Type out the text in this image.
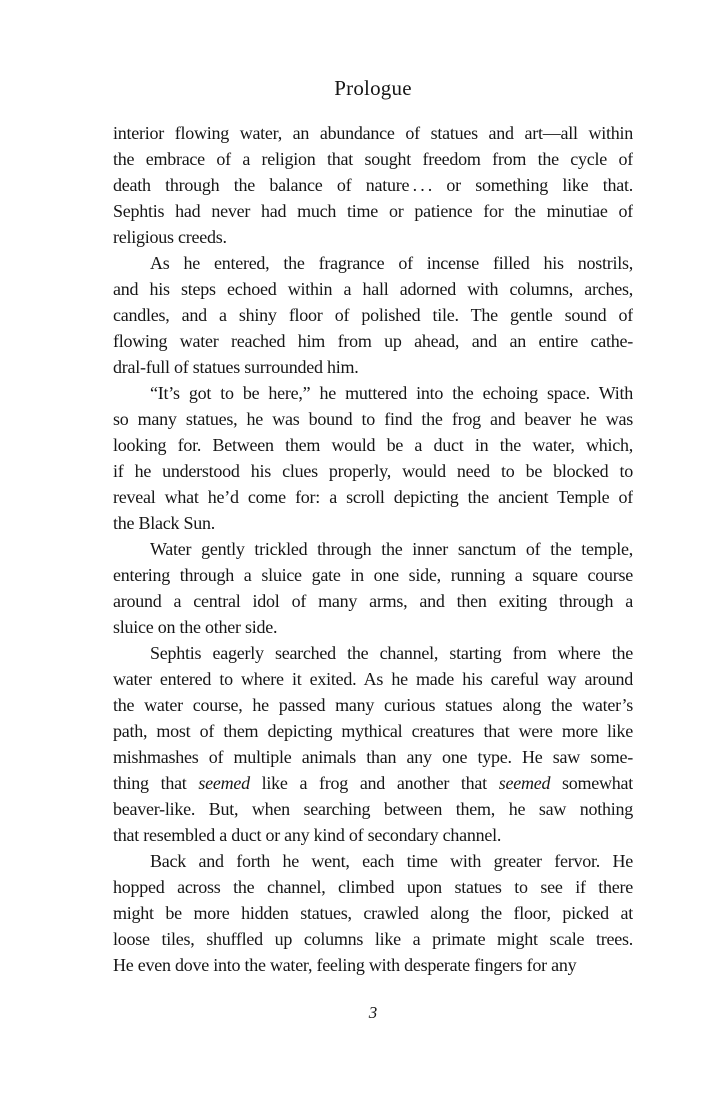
Prologue
interior flowing water, an abundance of statues and art—all within
the embrace of a religion that sought freedom from the cycle of
death through the balance of nature . . . or something like that.
Sephtis had never had much time or patience for the minutiae of
religious creeds.
As he entered, the fragrance of incense filled his nostrils,
and his steps echoed within a hall adorned with columns, arches,
candles, and a shiny floor of polished tile. The gentle sound of
flowing water reached him from up ahead, and an entire cathe-
dral-full of statues surrounded him.
“It’s got to be here,” he muttered into the echoing space. With
so many statues, he was bound to find the frog and beaver he was
looking for. Between them would be a duct in the water, which,
if he understood his clues properly, would need to be blocked to
reveal what he’d come for: a scroll depicting the ancient Temple of
the Black Sun.
Water gently trickled through the inner sanctum of the temple,
entering through a sluice gate in one side, running a square course
around a central idol of many arms, and then exiting through a
sluice on the other side.
Sephtis eagerly searched the channel, starting from where the
water entered to where it exited. As he made his careful way around
the water course, he passed many curious statues along the water’s
path, most of them depicting mythical creatures that were more like
mishmashes of multiple animals than any one type. He saw some-
thing that seemed like a frog and another that seemed somewhat
beaver-like. But, when searching between them, he saw nothing
that resembled a duct or any kind of secondary channel.
Back and forth he went, each time with greater fervor. He
hopped across the channel, climbed upon statues to see if there
might be more hidden statues, crawled along the floor, picked at
loose tiles, shuffled up columns like a primate might scale trees.
He even dove into the water, feeling with desperate fingers for any
3
